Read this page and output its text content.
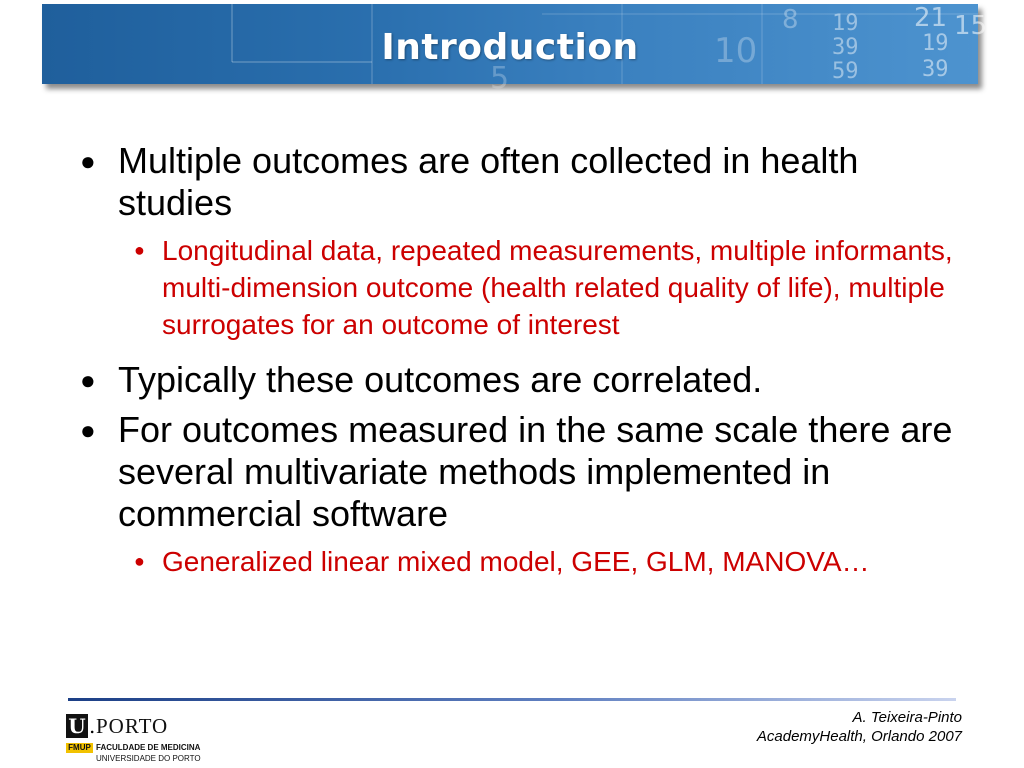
8
10
5
19
39
59
19
39
21 15
Introduction
● Multiple outcomes are often collected in health studies
● Longitudinal data, repeated measurements, multiple informants, multi-dimension outcome (health related quality of life), multiple surrogates for an outcome of interest
● Typically these outcomes are correlated.
● For outcomes measured in the same scale there are several multivariate methods implemented in commercial software
● Generalized linear mixed model, GEE, GLM, MANOVA…
U . PORTO
FMUP FACULDADE DE MEDICINA
UNIVERSIDADE DO PORTO
A. Teixeira-Pinto
AcademyHealth, Orlando 2007
